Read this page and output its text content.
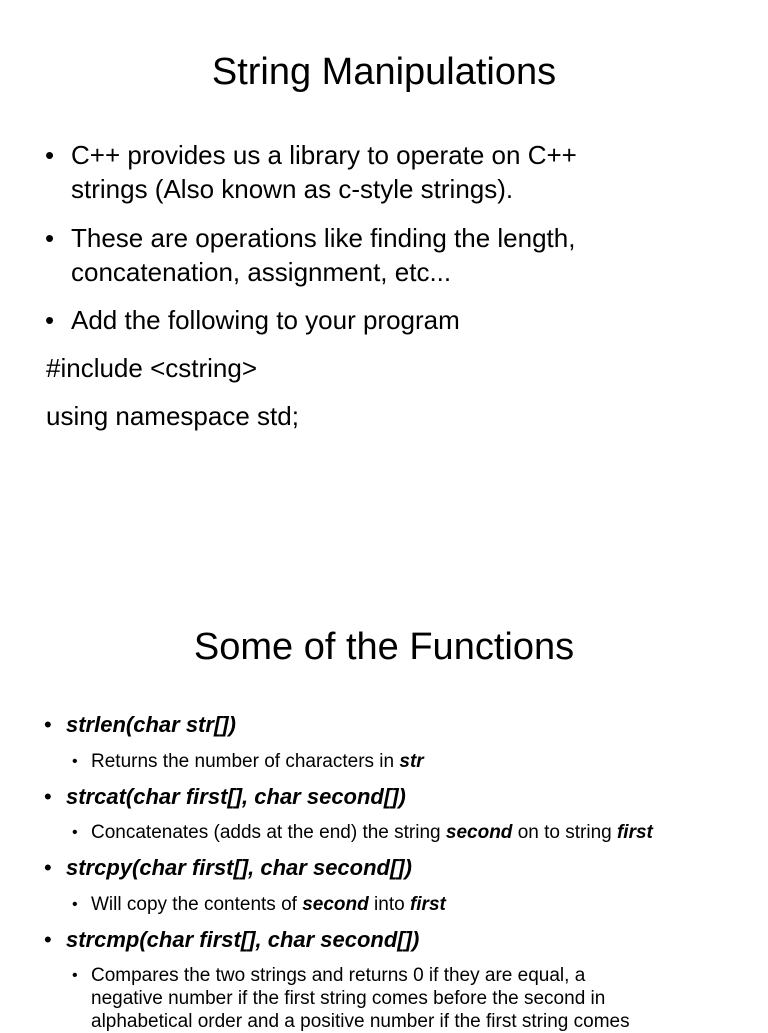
String Manipulations
• C++ provides us a library to operate on C++
strings (Also known as c-style strings).
• These are operations like finding the length,
concatenation, assignment, etc...
• Add the following to your program

#include <cstring>

using namespace std;

Some of the Functions
• strlen(char str[])
• Returns the number of characters in str
• strcat(char first[], char second[])
• Concatenates (adds at the end) the string second on to string first
• strcpy(char first[], char second[])
• Will copy the contents of second into first
• strcmp(char first[], char second[])
• Compares the two strings and returns 0 if they are equal, a
negative number if the first string comes before the second in
alphabetical order and a positive number if the first string comes
